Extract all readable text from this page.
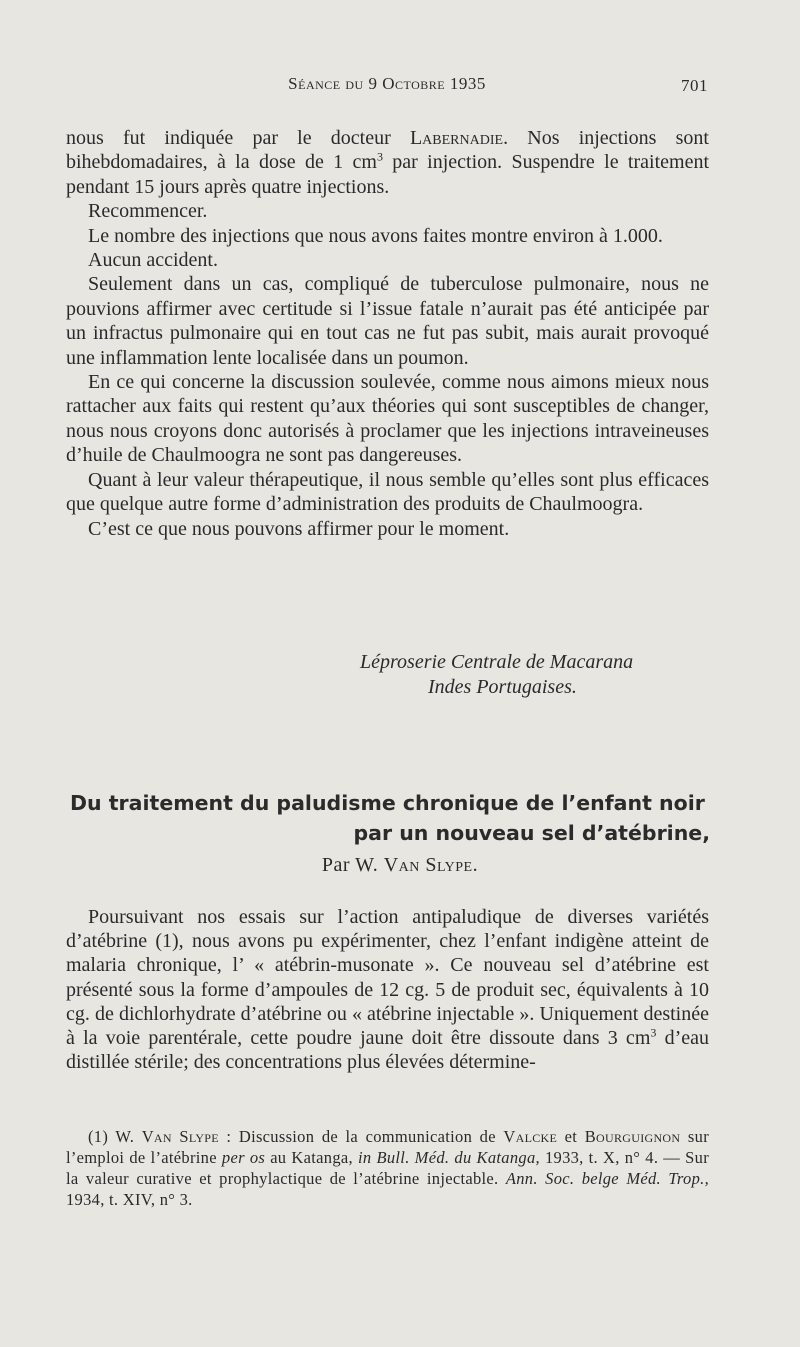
Séance du 9 Octobre 1935	701

nous fut indiquée par le docteur Labernadie. Nos injections sont bihebdomadaires, à la dose de 1 $cm^3$ par injection. Suspendre le traitement pendant 15 jours après quatre injections.

Recommencer.

Le nombre des injections que nous avons faites montre environ à 1.000.

Aucun accident.

Seulement dans un cas, compliqué de tuberculose pulmonaire, nous ne pouvions affirmer avec certitude si l’issue fatale n’aurait pas été anticipée par un infractus pulmonaire qui en tout cas ne fut pas subit, mais aurait provoqué une inflammation lente localisée dans un poumon.

En ce qui concerne la discussion soulevée, comme nous aimons mieux nous rattacher aux faits qui restent qu’aux théories qui sont susceptibles de changer, nous nous croyons donc autorisés à proclamer que les injections intraveineuses d’huile de Chaulmoogra ne sont pas dangereuses.

Quant à leur valeur thérapeutique, il nous semble qu’elles sont plus efficaces que quelque autre forme d’administration des produits de Chaulmoogra.

C’est ce que nous pouvons affirmer pour le moment.

Léproserie Centrale de Macarana
Indes Portugaises.
Du traitement du paludisme chronique de l’enfant noir
par un nouveau sel d’atébrine,
Par W. Van Slype.

Poursuivant nos essais sur l’action antipaludique de diverses variétés d’atébrine (1), nous avons pu expérimenter, chez l’enfant indigène atteint de malaria chronique, l’ « atébrin-musonate ». Ce nouveau sel d’atébrine est présenté sous la forme d’ampoules de 12 cg. 5 de produit sec, équivalents à 10 cg. de dichlorhydrate d’atébrine ou « atébrine injectable ». Uniquement destinée à la voie parentérale, cette poudre jaune doit être dissoute dans 3 $cm^3$ d’eau distillée stérile; des concentrations plus élevées détermine-

(1) W. Van Slype : Discussion de la communication de Valcke et Bourguignon sur l’emploi de l’atébrine per os au Katanga, in Bull. Méd. du Katanga, 1933, t. X, n° 4. — Sur la valeur curative et prophylactique de l’atébrine injectable. Ann. Soc. belge Méd. Trop., 1934, t. XIV, n° 3.
